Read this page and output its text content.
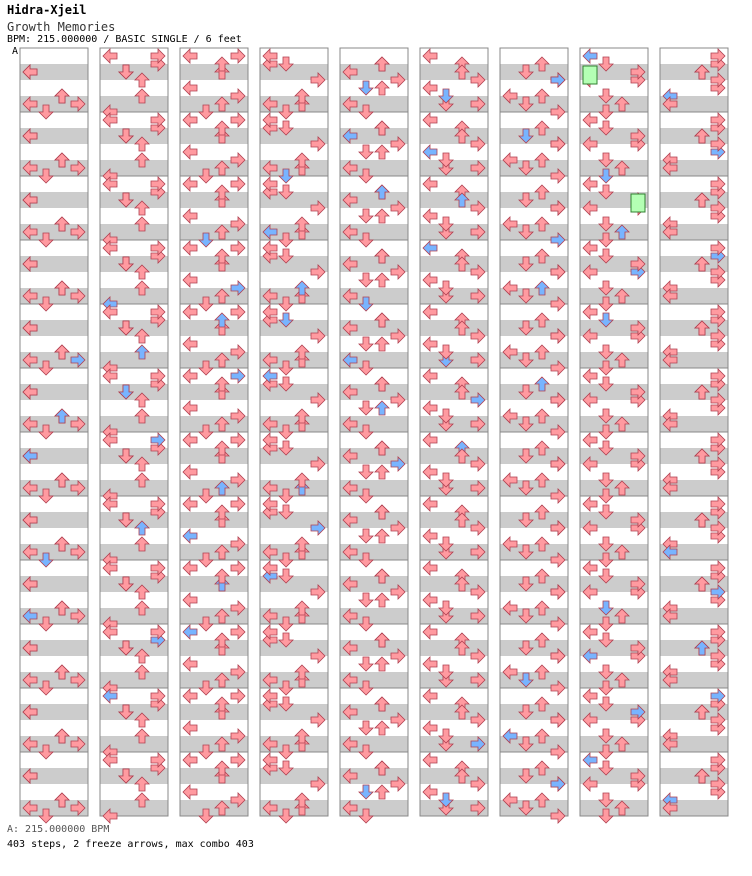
Hidra-Xjeil
Growth Memories
BPM: 215.000000 / BASIC SINGLE / 6 feet
A
A: 215.000000 BPM
403 steps, 2 freeze arrows, max combo 403
